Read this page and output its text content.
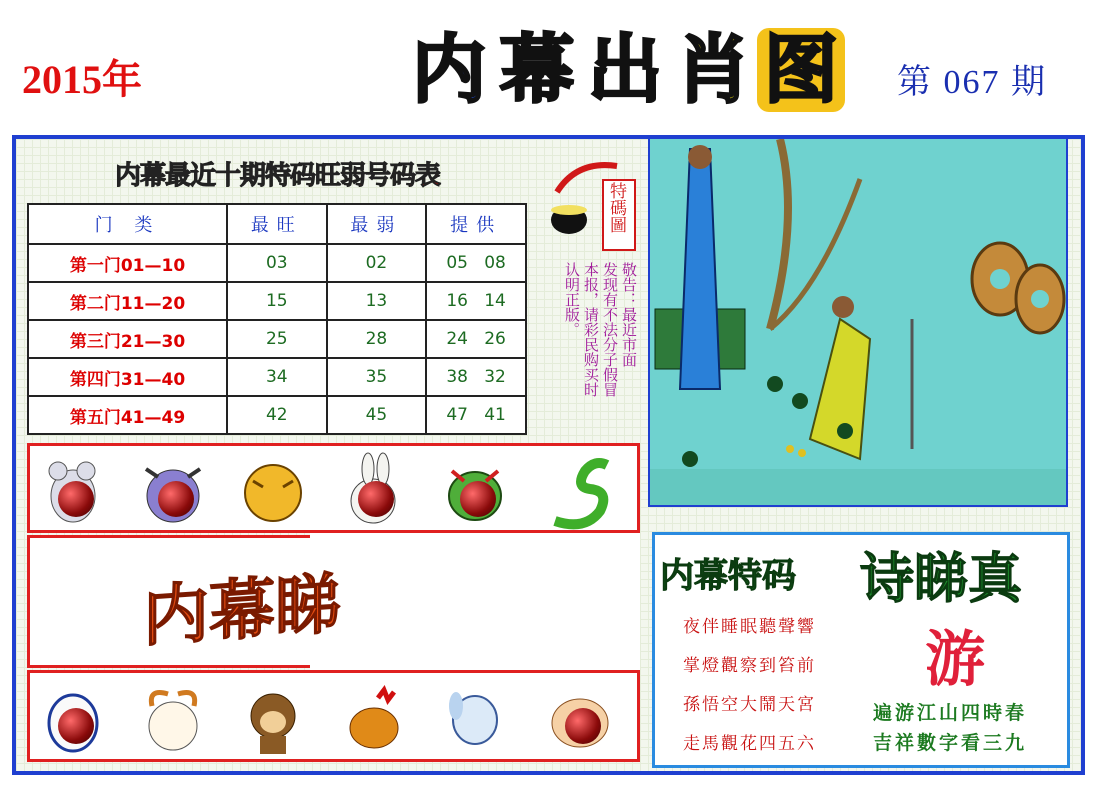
2015年	内 幕 出 肖 图 第 067 期
内幕最近十期特码旺弱号码表
门 类	最旺	最弱	提供
第一门01—10	03	02	05 08
第二门11—20	15	13	16 14
第三门21—30	25	28	24 26
第四门31—40	34	35	38 32
第五门41—49	42	45	47 41
特碼圖
敬告：最近市面
发现有不法分子假冒
本报，请彩民购买时
认明正版。
内幕睇	内幕特码 诗睇真
夜伴睡眠聽聲響
掌燈觀察到笞前
孫悟空大鬧天宮
走馬觀花四五六
游
遍游江山四時春
吉祥數字看三九
